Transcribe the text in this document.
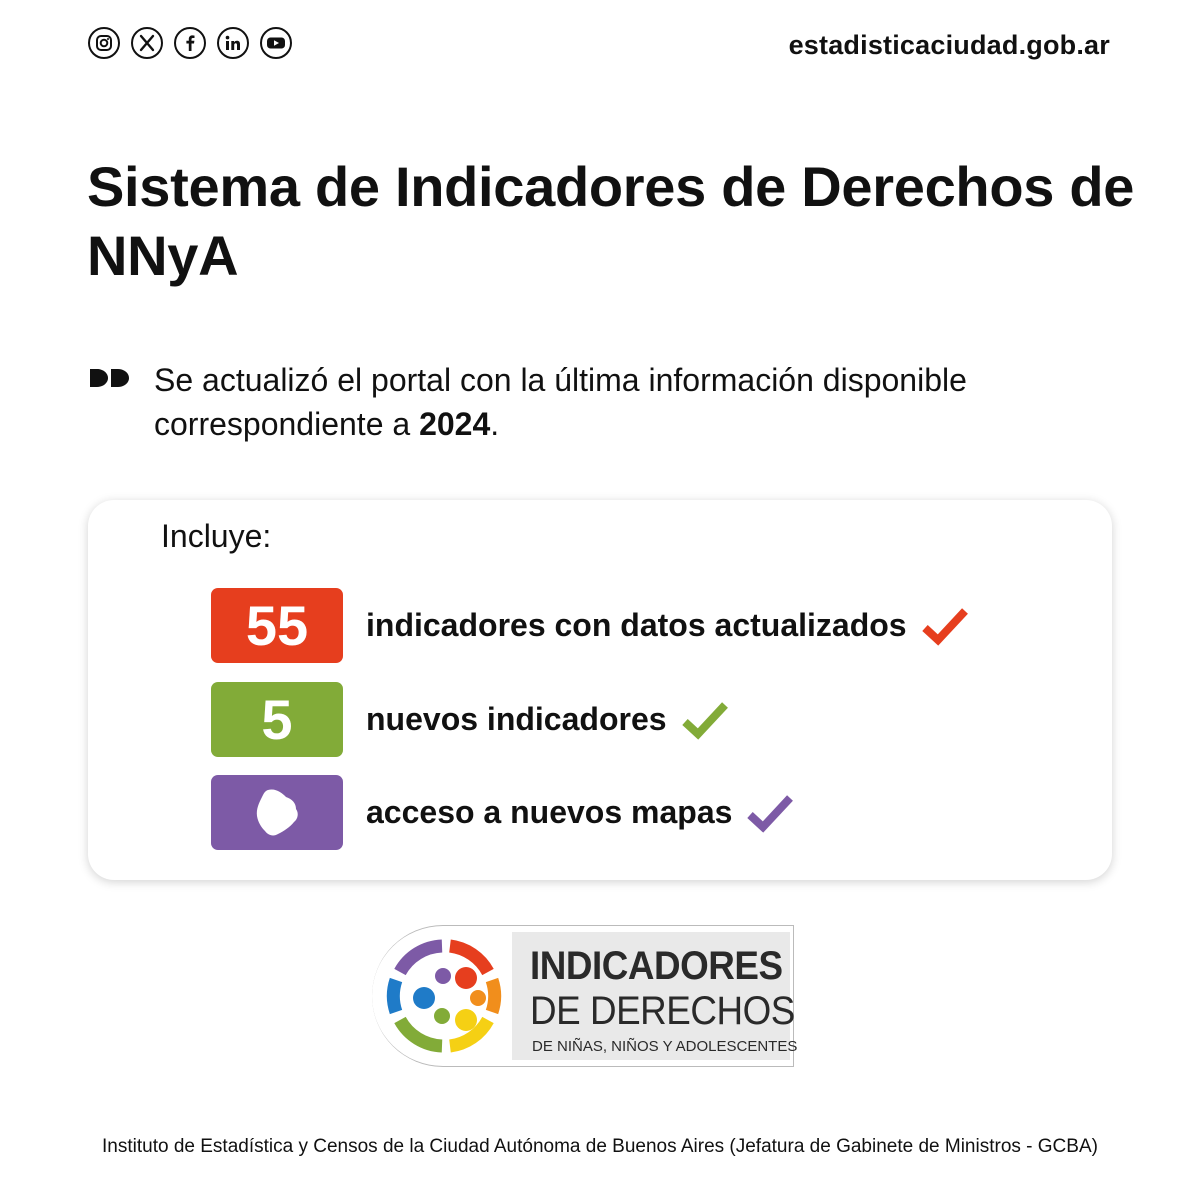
estadisticaciudad.gob.ar
Sistema de Indicadores de Derechos de NNyA
Se actualizó el portal con la última información disponible correspondiente a 2024.
Incluye:
55	indicadores con datos actualizados
5	nuevos indicadores
acceso a nuevos mapas
INDICADORES
DE DERECHOS
DE NIÑAS, NIÑOS Y ADOLESCENTES
Instituto de Estadística y Censos de la Ciudad Autónoma de Buenos Aires (Jefatura de Gabinete de Ministros - GCBA)
